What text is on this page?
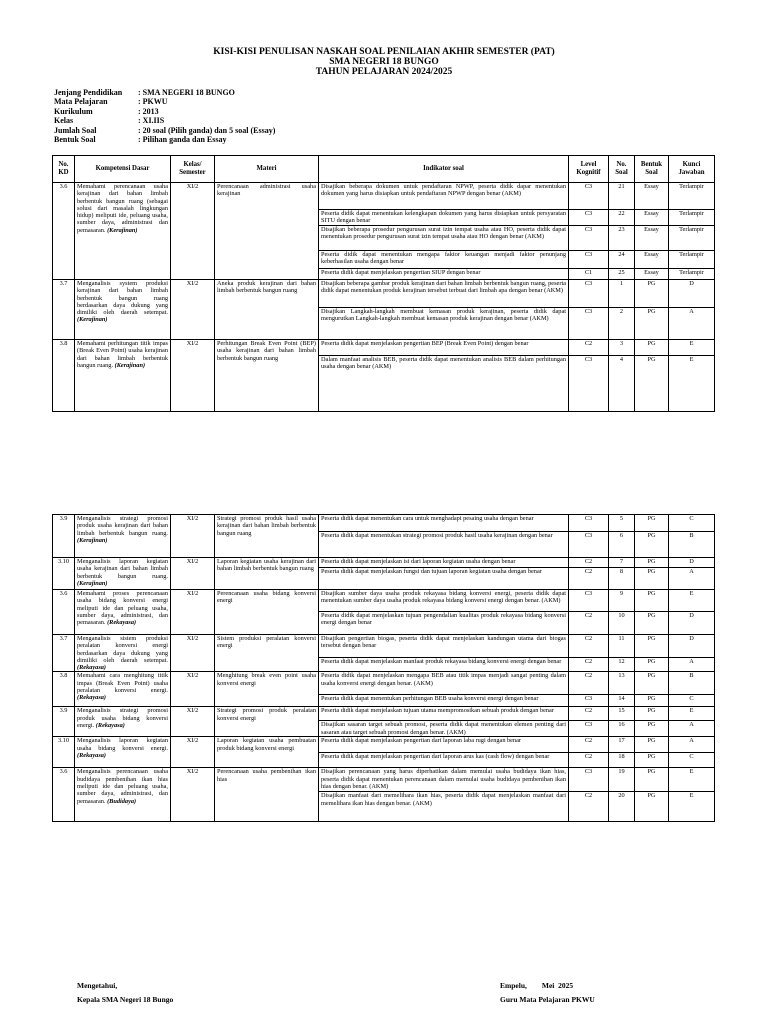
KISI-KISI PENULISAN NASKAH SOAL PENILAIAN AKHIR SEMESTER (PAT)
SMA NEGERI 18 BUNGO
TAHUN PELAJARAN 2024/2025
Jenjang Pendidikan	: SMA NEGERI 18 BUNGO
Mata Pelajaran	: PKWU
Kurikulum	: 2013
Kelas	: XI.IIS
Jumlah Soal	: 20 soal (Pilih ganda) dan 5 soal (Essay)
Bentuk Soal	: Pilihan ganda dan Essay
No. KD	Kompetensi Dasar	Kelas/ Semester	Materi	Indikator soal	Level Kognitif	No. Soal	Bentuk Soal	Kunci Jawaban
3.6	Memahami perencanaan usaha kerajinan dari bahan limbah berbentuk bangun ruang (sebagai solusi dari masalah lingkungan hidup) meliputi ide, peluang usaha, sumber daya, administrasi dan pemasaran. (Kerajinan)	XI/2	Perencanaan administrasi usaha kerajinan	Disajikan beberapa dokumen untuk pendaftaran NPWP, peserta didik dapar menentukan dokumen yang harus disiapkan untuk pendaftaran NPWP dengan benar (AKM)	C3	21	Essay	Terlampir
				Peserta didik dapat menentukan kelengkapan dokumen yang harus disiapkan untuk persyaratan SITU dengan benar	C3	22	Essay	Terlampir
				Disajikan beberapa prosedur pengurusan surat izin tempat usaha atau HO, peserta didik dapat menentukan prosedur pengurusan surat izin tempat usaha atau HO dengan benar (AKM)	C3	23	Essay	Terlampir
				Peserta didik dapat menentukan mengapa faktor keuangan menjadi faktor penunjang keberhasilan usaha dengan benar	C3	24	Essay	Terlampir
				Peserta didik dapat menjelaskan pengertian SIUP dengan benar	C1	25	Essay	Terlampir
3.7	Menganalisis system produksi kerajinan dari bahan limbah berbentuk bangun ruang berdasarkan daya dukung yang dimiliki oleh daerah setempat. (Kerajinan)	XI/2	Aneka produk kerajinan dari bahan limbah berbentuk bangun ruang	Disajikan beberapa gambar produk kerajinan dari bahan limbah berbentuk bangun ruang, peserta didik dapat menentukan produk kerajinan tersebut terbuat dari limbah apa dengan benar (AKM)	C3	1	PG	D
				Disajikan Langkah-langkah membuat kemasan produk kerajinan, peserta didik dapat mengurutkan Langkah-langkah membuat kemasan produk kerajinan dengan benar (AKM)	C3	2	PG	A
3.8	Memahami perhitungan titik impas (Break Even Point) usaha kerajinan dari bahan limbah berbentuk bangun ruang. (Kerajinan)	XI/2	Perhitungan Break Even Point (BEP) usaha kerajinan dari bahan limbah berbentuk bangun ruang	Peserta didik dapat menjelaskan pengertian BEP (Break Even Point) dengan benar	C2	3	PG	E
				Dalam manfaat analisis BEB, peserta didik dapat menentukan analisis BEB dalam perhitungan usaha dengan benar (AKM)	C3	4	PG	E
3.9	Menganalisis strategi promosi produk usaha kerajinan dari bahan limbah berbentuk bangun ruang. (Kerajinan)	XI/2	Strategi promosi produk hasil usaha kerajinan dari bahan limbah berbentuk bangun ruang	Peserta didik dapat menentukan cara untuk menghadapi pesaing usaha dengan benar	C3	5	PG	C
				Peserta didik dapat menentukan strategi promosi produk hasil usaha kerajinan dengan benar	C3	6	PG	B
3.10	Menganalisis laporan kegiatan usaha kerajinan dari bahan limbah berbentuk bangun ruang. (Kerajinan)	XI/2	Laporan kegiatan usaha kerajinan dari bahan limbah berbentuk bangun ruang	Peserta didik dapat menjelaskan isi dari laporan kegiatan usaha dengan benar	C2	7	PG	D
				Peserta didik dapat menjelaskan fungsi dan tujuan laporan kegiatan usaha dengan benar	C2	8	PG	A
3.6	Memahami proses perencanaan usaha bidang konversi energi meliputi ide dan peluang usaha, sumber daya, administrasi, dan pemasaran. (Rekayasa)	XI/2	Perencanaan usaha bidang konversi energi	Disajikan sumber daya usaha produk rekayasa bidang konversi energi, peserta didik dapat menentukan sumber daya usaha produk rekayasa bidang konversi energi dengan benar. (AKM)	C3	9	PG	E
				Peserta didik dapat menjelaskan tujuan pengendalian kualitas produk rekayasa bidang konversi energi dengan benar	C2	10	PG	D
3.7	Menganalisis sistem produksi peralatan konversi energi berdasarkan daya dukung yang dimiliki oleh daerah setempat. (Rekayasa)	XI/2	Sistem produksi peralatan konversi energi	Disajikan pengertian biogas, peserta didik dapat menjelaskan kandungan utama dari biogas tersebut dengan benar	C2	11	PG	D
				Peserta didik dapat menjelaskan manfaat produk rekayasa bidang konversi energi dengan benar	C2	12	PG	A
3.8	Memahami cara menghitung titik impas (Break Even Point) usaha peralatan konversi energi. (Rekayasa)	XI/2	Menghitung break even point usaha konversi energi	Peserta didik dapat menjelaskan mengapa BEB atau titik impas menjadi sangat penting dalam usaha konversi energi dengan benar. (AKM)	C2	13	PG	B
				Peserta didik dapat menentukan perhitungan BEB usaha konversi energi dengan benar	C3	14	PG	C
3.9	Menganalisis strategi promosi produk usaha bidang konversi energi. (Rekayasa)	XI/2	Strategi promosi produk peralatan konversi energi	Peserta didik dapat menjelaskan tujuan utama mempromosikan sebuah produk dengan benar	C2	15	PG	E
				Disajikan sasaran target sebuah promosi, peserta didik dapat menentukan elemen penting dari sasaran atau target sebuah promosi dengan benar. (AKM)	C3	16	PG	A
3.10	Menganalisis laporan kegiatan usaha bidang konversi energi. (Rekayasa)	XI/2	Laporan kegiatan usaha pembuatan produk bidang konversi energi	Peserta didik dapat menjelaskan pengertian dari laporan laba rugi dengan benar	C2	17	PG	A
				Peserta didik dapat menjelaskan pengertian dari laporan arus kas (cash flow) dengan benar	C2	18	PG	C
3.6	Menganalisis perencanaan usaha budidaya pembenihan ikan hias meliputi ide dan peluang usaha, sumber daya, administrasi, dan pemasaran. (Budidaya)	XI/2	Perencanaan usaha pembenihan ikan hias	Disajikan perencanaan yang harus diperhatikan dalam memulai usaha budidaya ikan hias, peserta didik dapat menentukan perencanaan dalam memulai usaha budidaya pembenihan ikan hias dengan benar. (AKM)	C3	19	PG	E
				Disajikan manfaat dari memelihara ikan hias, peserta didik dapat menjelaskan manfaat dari memelihara ikan hias dengan benar. (AKM)	C2	20	PG	E
Mengetahui,
Kepala SMA Negeri 18 Bungo
Empelu,        Mei  2025
Guru Mata Pelajaran PKWU
